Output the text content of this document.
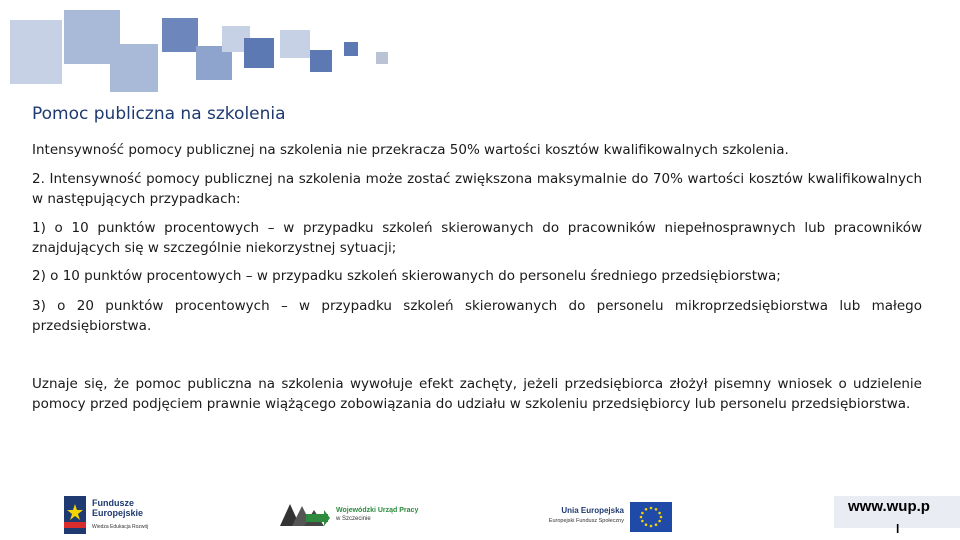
Pomoc publiczna na szkolenia

Intensywność pomocy publicznej na szkolenia nie przekracza 50% wartości kosztów kwalifikowalnych szkolenia.

2. Intensywność pomocy publicznej na szkolenia może zostać zwiększona maksymalnie do 70% wartości kosztów kwalifikowalnych w następujących przypadkach:

1) o 10 punktów procentowych – w przypadku szkoleń skierowanych do pracowników niepełnosprawnych lub pracowników znajdujących się w szczególnie niekorzystnej sytuacji;

2) o 10 punktów procentowych – w przypadku szkoleń skierowanych do personelu średniego przedsiębiorstwa;

3) o 20 punktów procentowych – w przypadku szkoleń skierowanych do personelu mikroprzedsiębiorstwa lub małego przedsiębiorstwa.

Uznaje się, że pomoc publiczna na szkolenia wywołuje efekt zachęty, jeżeli przedsiębiorca złożył pisemny wniosek o udzielenie pomocy przed podjęciem prawnie wiążącego zobowiązania do udziału w szkoleniu przedsiębiorcy lub personelu przedsiębiorstwa.

Fundusze
Europejskie
Wiedza Edukacja Rozwój
Wojewódzki Urząd Pracy
w Szczecinie
Unia Europejska
Europejski Fundusz Społeczny
www.wup.p
l
